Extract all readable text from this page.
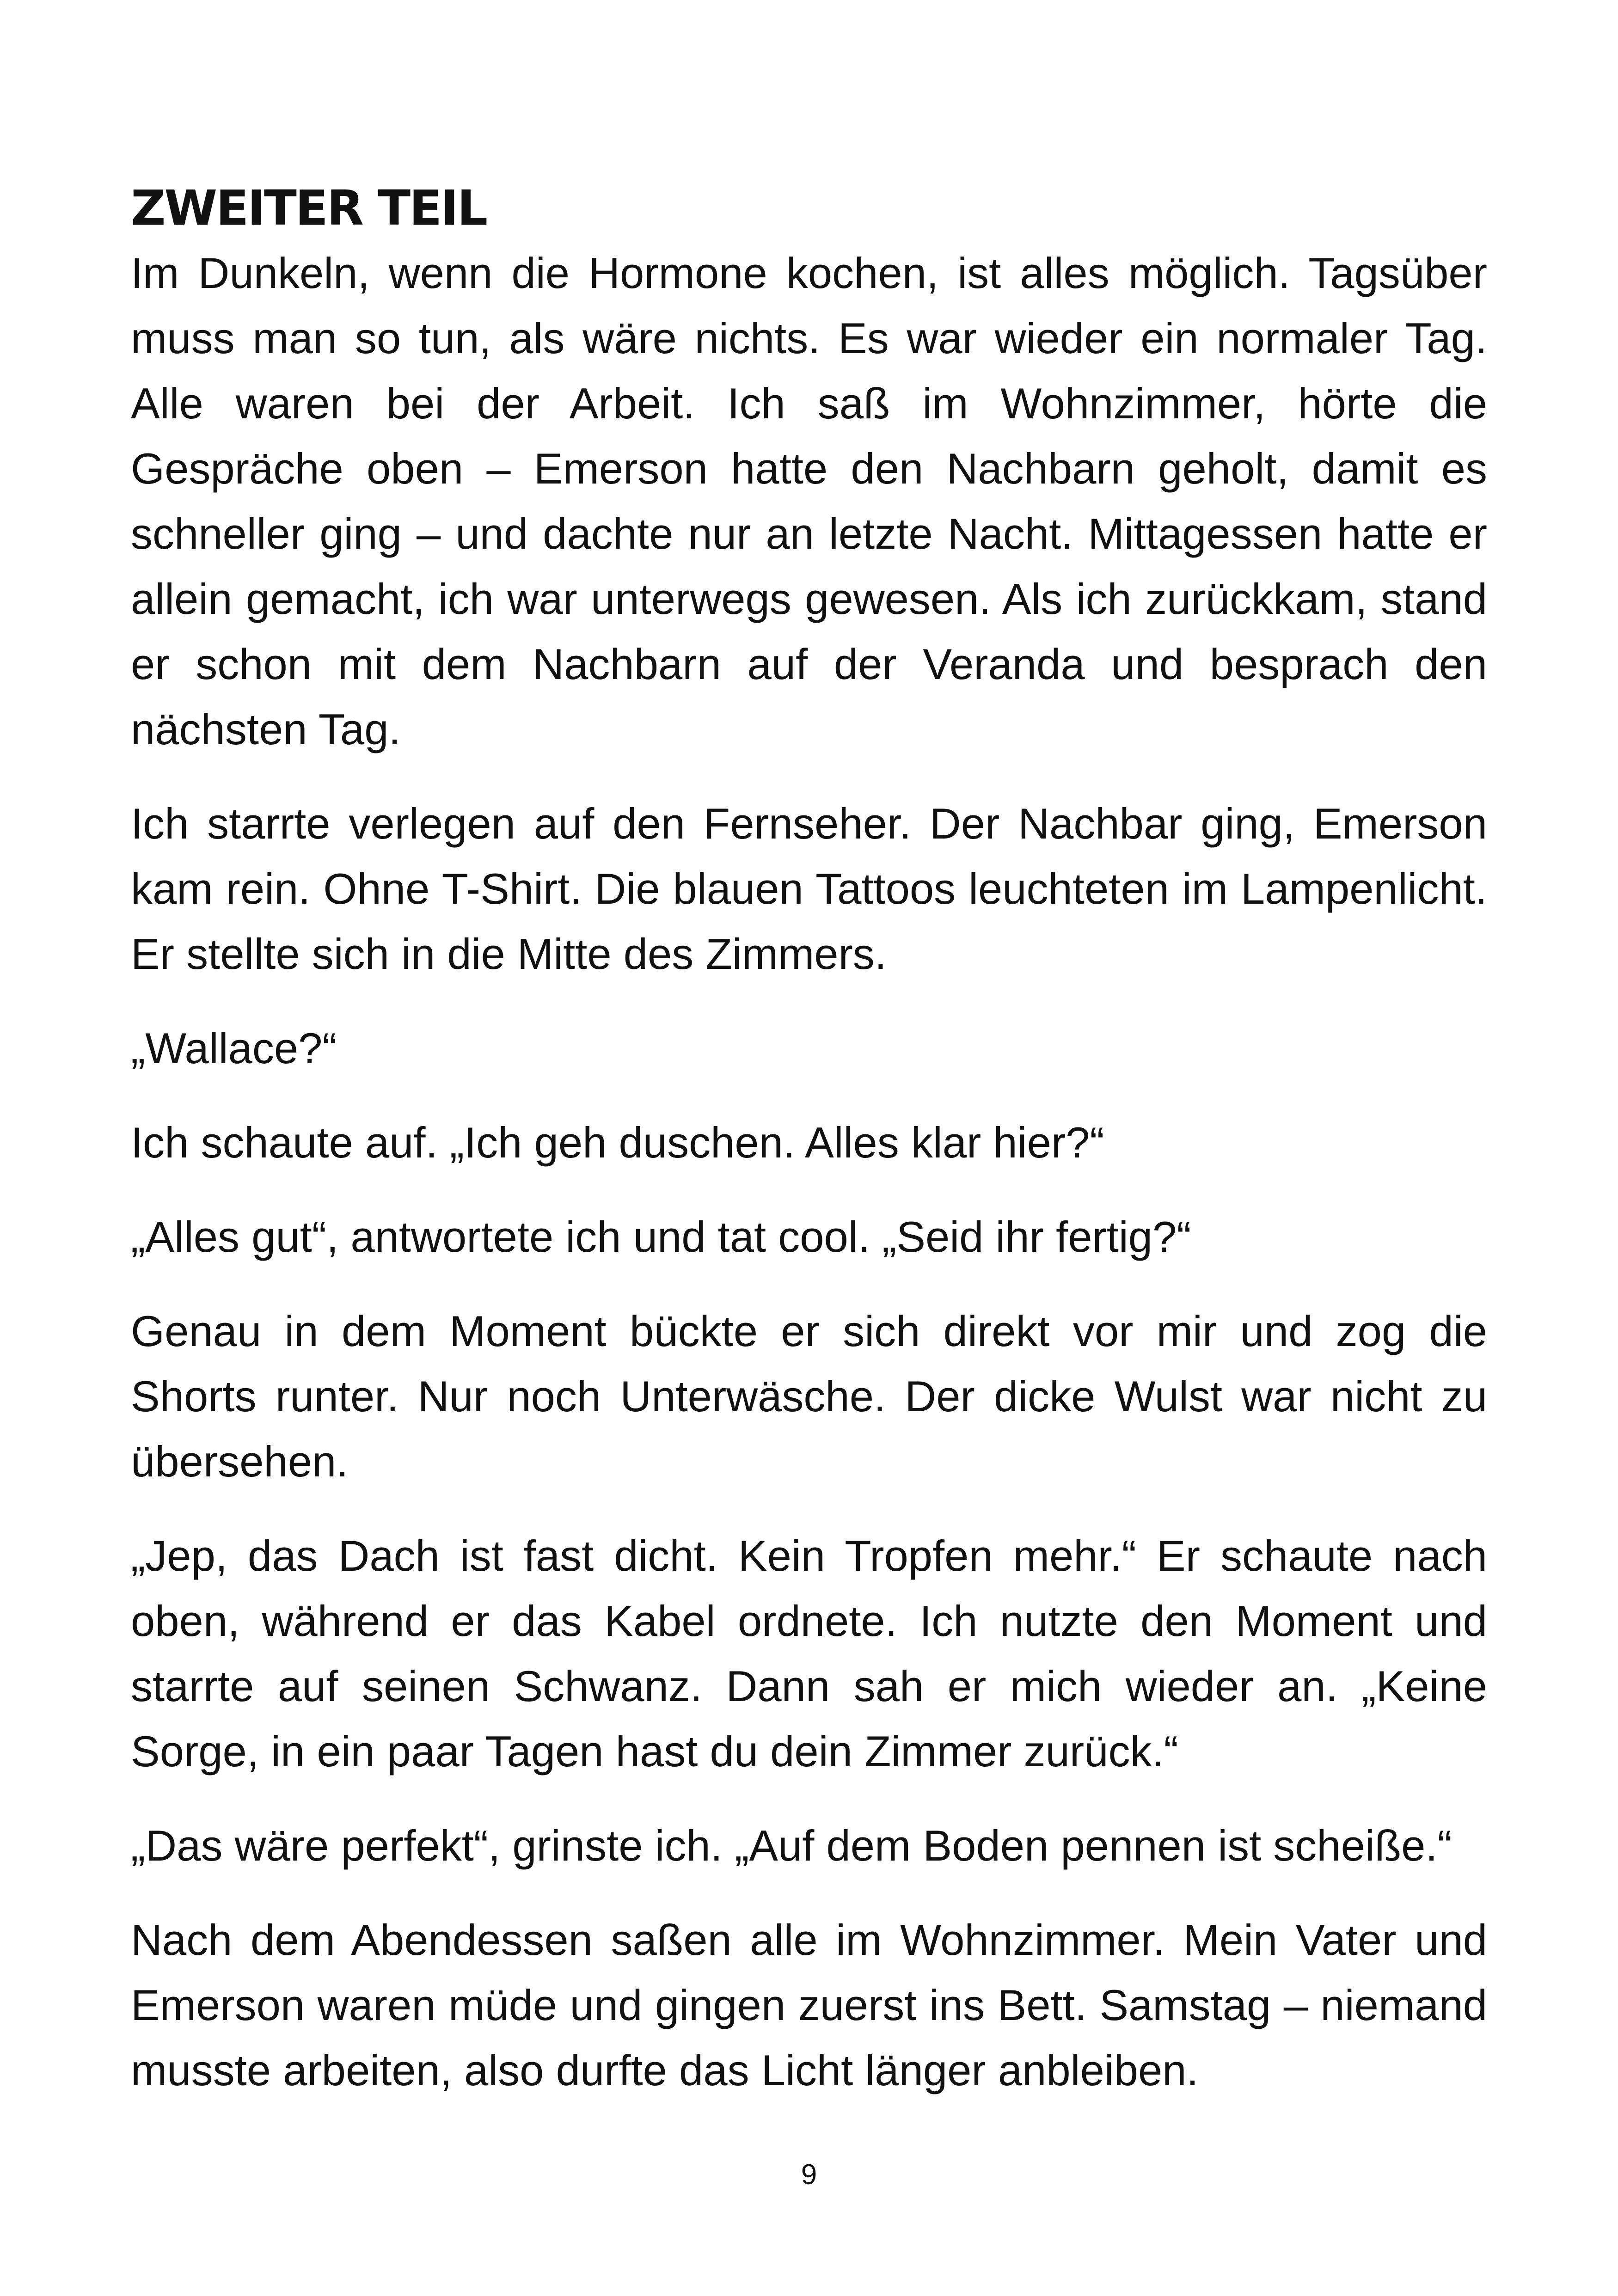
ZWEITER TEIL

Im Dunkeln, wenn die Hormone kochen, ist alles möglich. Tagsüber muss man so tun, als wäre nichts. Es war wieder ein normaler Tag. Alle waren bei der Arbeit. Ich saß im Wohnzimmer, hörte die Gespräche oben – Emerson hatte den Nachbarn geholt, damit es schneller ging – und dachte nur an letzte Nacht. Mittagessen hatte er allein gemacht, ich war unterwegs gewesen. Als ich zurückkam, stand er schon mit dem Nachbarn auf der Veranda und besprach den nächsten Tag.

Ich starrte verlegen auf den Fernseher. Der Nachbar ging, Emerson kam rein. Ohne T-Shirt. Die blauen Tattoos leuchteten im Lampenlicht. Er stellte sich in die Mitte des Zimmers.

„Wallace?“

Ich schaute auf. „Ich geh duschen. Alles klar hier?“

„Alles gut“, antwortete ich und tat cool. „Seid ihr fertig?“

Genau in dem Moment bückte er sich direkt vor mir und zog die Shorts runter. Nur noch Unterwäsche. Der dicke Wulst war nicht zu übersehen.

„Jep, das Dach ist fast dicht. Kein Tropfen mehr.“ Er schaute nach oben, während er das Kabel ordnete. Ich nutzte den Moment und starrte auf seinen Schwanz. Dann sah er mich wieder an. „Keine Sorge, in ein paar Tagen hast du dein Zimmer zurück.“

„Das wäre perfekt“, grinste ich. „Auf dem Boden pennen ist scheiße.“

Nach dem Abendessen saßen alle im Wohnzimmer. Mein Vater und Emerson waren müde und gingen zuerst ins Bett. Samstag – niemand musste arbeiten, also durfte das Licht länger anbleiben.

9
